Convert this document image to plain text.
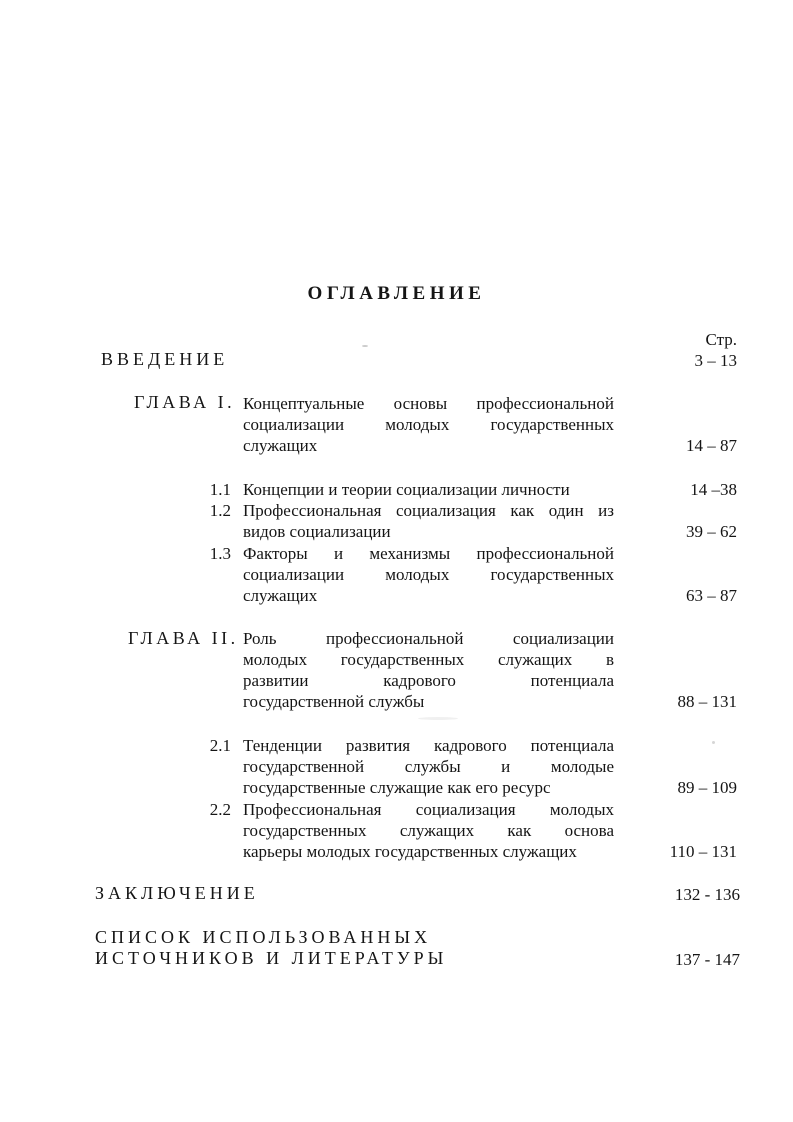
ОГЛАВЛЕНИЕ
Стр.
ВВЕДЕНИЕ	3 – 13
ГЛАВА I. Концептуальные основы профессиональной
социализации молодых государственных
служащих	14 – 87
1.1 Концепции и теории социализации личности	14 –38
1.2 Профессиональная социализация как один из
видов социализации	39 – 62
1.3 Факторы и механизмы профессиональной
социализации молодых государственных
служащих	63 – 87
ГЛАВА II. Роль профессиональной социализации
молодых государственных служащих в
развитии кадрового потенциала
государственной службы	88 – 131
2.1 Тенденции развития кадрового потенциала
государственной службы и молодые
государственные служащие как его ресурс	89 – 109
2.2 Профессиональная социализация молодых
государственных служащих как основа
карьеры молодых государственных служащих	110 – 131
ЗАКЛЮЧЕНИЕ	132 - 136
СПИСОК ИСПОЛЬЗОВАННЫХ
ИСТОЧНИКОВ И ЛИТЕРАТУРЫ	137 - 147
